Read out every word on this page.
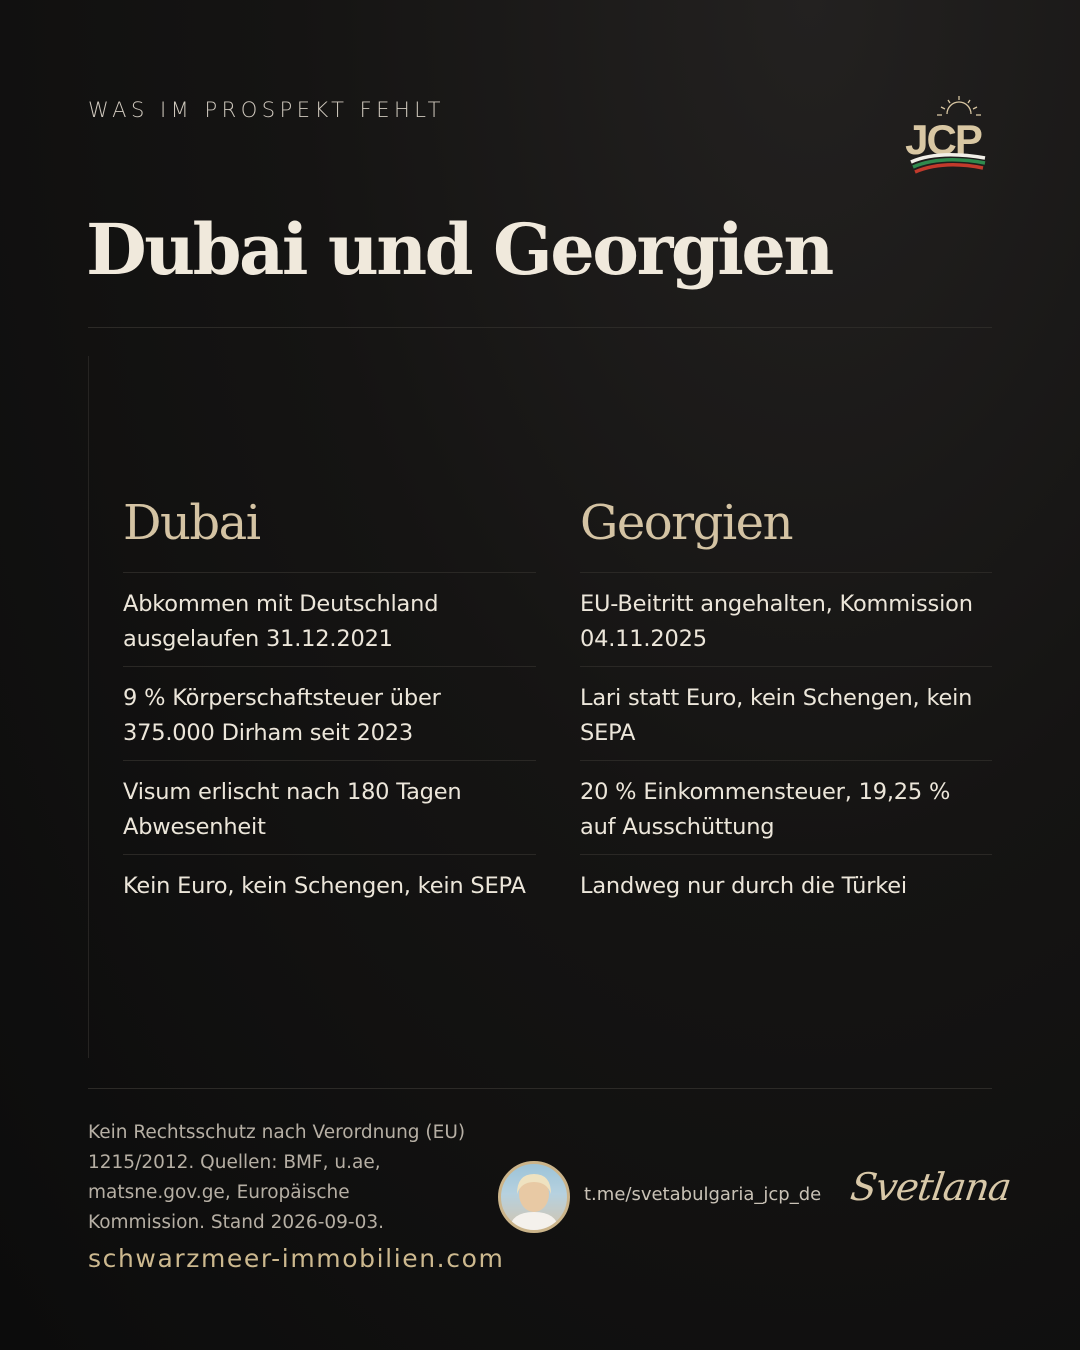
WAS IM PROSPEKT FEHLT
JCP
Dubai und Georgien
Dubai
Abkommen mit Deutschland ausgelaufen 31.12.2021
9 % Körperschaftsteuer über 375.000 Dirham seit 2023
Visum erlischt nach 180 Tagen Abwesenheit
Kein Euro, kein Schengen, kein SEPA
Georgien
EU-Beitritt angehalten, Kommission 04.11.2025
Lari statt Euro, kein Schengen, kein SEPA
20 % Einkommensteuer, 19,25 % auf Ausschüttung
Landweg nur durch die Türkei
Kein Rechtsschutz nach Verordnung (EU) 1215/2012. Quellen: BMF, u.ae, matsne.gov.ge, Europäische Kommission. Stand 2026-09-03.
schwarzmeer-immobilien.com
t.me/svetabulgaria_jcp_de Svetlana
